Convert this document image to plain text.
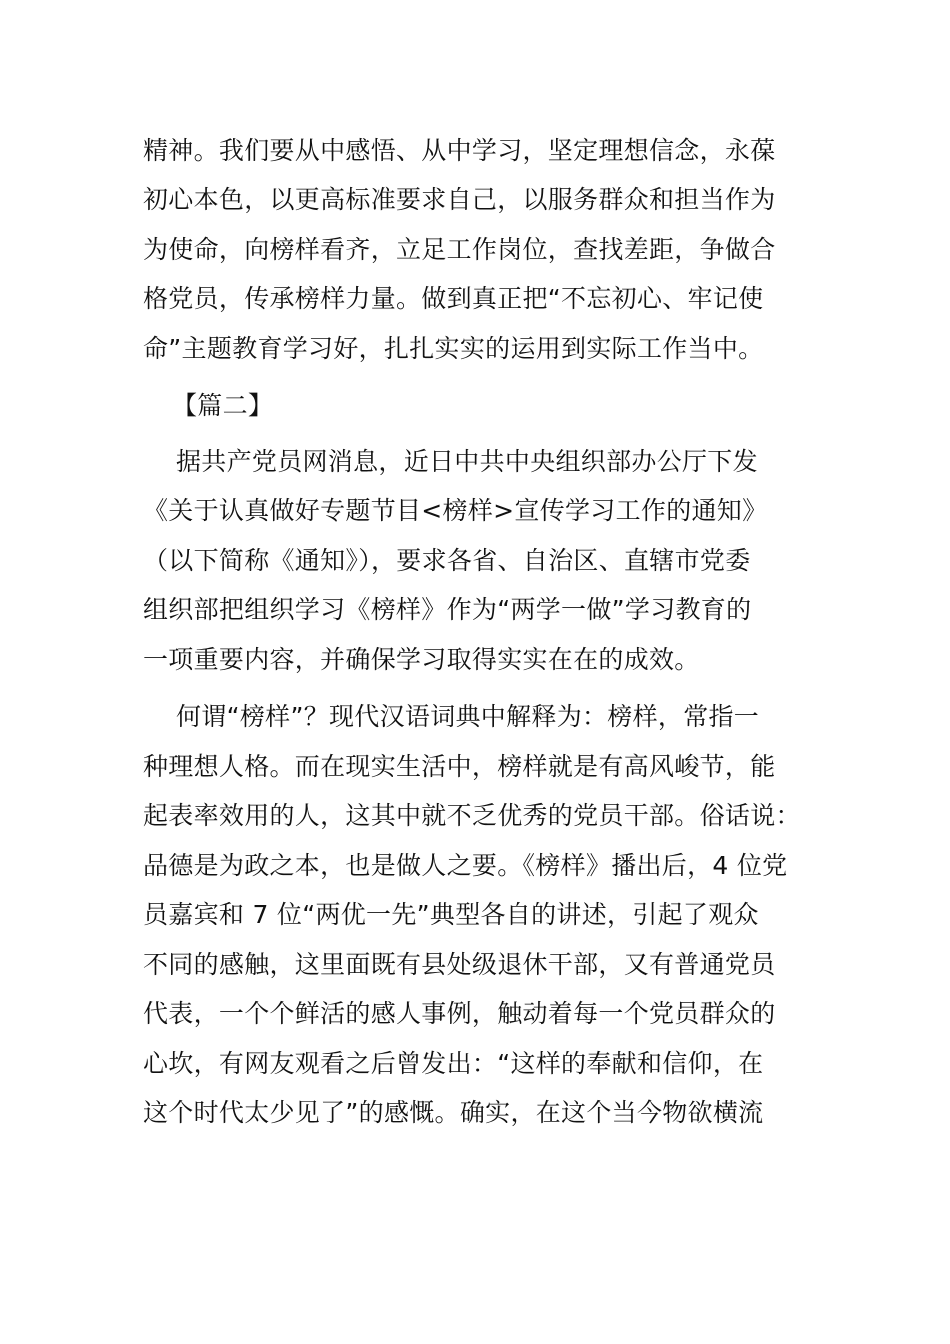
精神。我们要从中感悟、从中学习，坚定理想信念，永葆
初心本色，以更高标准要求自己，以服务群众和担当作为
为使命，向榜样看齐，立足工作岗位，查找差距，争做合
格党员，传承榜样力量。做到真正把“不忘初心、牢记使
命”主题教育学习好，扎扎实实的运用到实际工作当中。
【篇二】
据共产党员网消息，近日中共中央组织部办公厅下发
《关于认真做好专题节目<榜样>宣传学习工作的通知》
（以下简称《通知》），要求各省、自治区、直辖市党委
组织部把组织学习《榜样》作为“两学一做”学习教育的
一项重要内容，并确保学习取得实实在在的成效。
何谓“榜样”？现代汉语词典中解释为：榜样，常指一
种理想人格。而在现实生活中，榜样就是有高风峻节，能
起表率效用的人，这其中就不乏优秀的党员干部。俗话说：
品德是为政之本，也是做人之要。《榜样》播出后，4 位党
员嘉宾和 7 位“两优一先”典型各自的讲述，引起了观众
不同的感触，这里面既有县处级退休干部，又有普通党员
代表，一个个鲜活的感人事例，触动着每一个党员群众的
心坎，有网友观看之后曾发出：“这样的奉献和信仰，在
这个时代太少见了”的感慨。确实，在这个当今物欲横流
